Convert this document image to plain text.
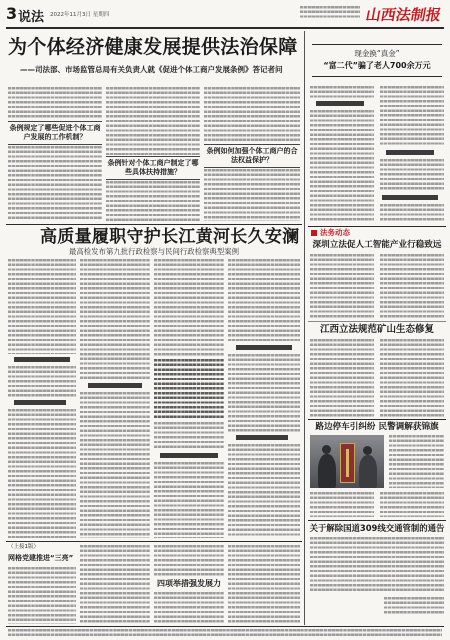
3 说法 2022年11月3日 星期四	山西法制报
为个体经济健康发展提供法治保障
——司法部、市场监管总局有关负责人就《促进个体工商户发展条例》答记者问
条例规定了哪些促进个体工商户发展的工作机制？
条例针对个体工商户制定了哪些具体扶持措施？
条例如何加强个体工商户的合法权益保护？
现金换“真金”
“富二代”骗了老人700余万元
高质量履职守护长江黄河长久安澜
最高检发布第九批行政检察与民间行政检察典型案例
（上接1版）
网格党建推进“三亮”
四项举措强发展力
法务动态
深圳立法促人工智能产业行稳致远
江西立法规范矿山生态修复
路边停车引纠纷 民警调解获锦旗
关于解除国道309线交通管制的通告
